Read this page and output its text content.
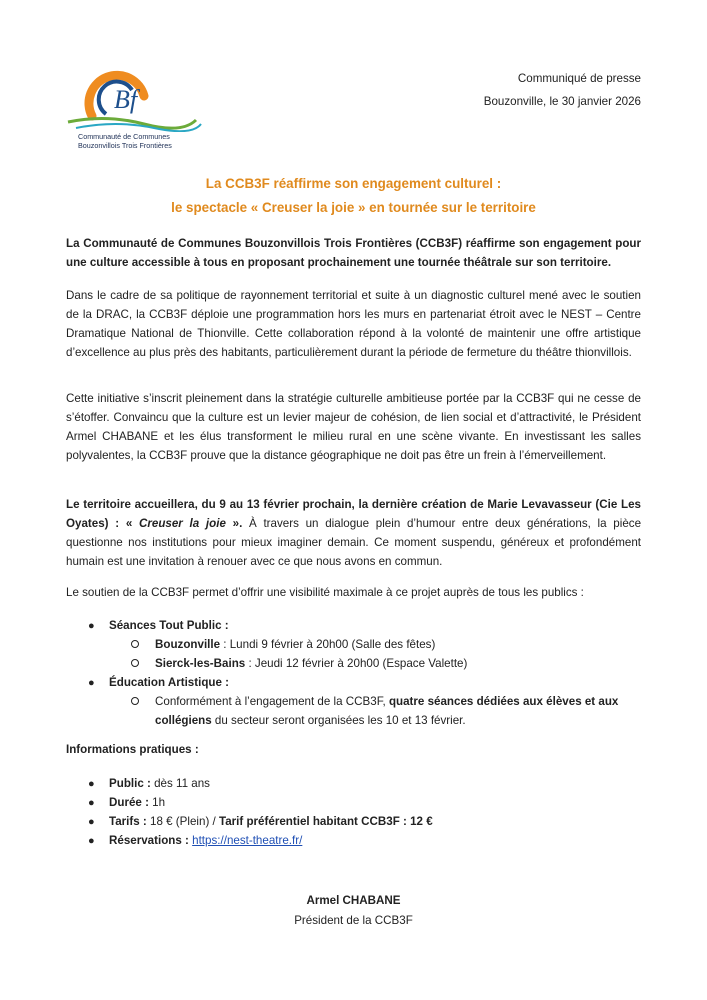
Bf
Communauté de Communes
Bouzonvillois Trois Frontières
Communiqué de presse
Bouzonville, le 30 janvier 2026
La CCB3F réaffirme son engagement culturel :
le spectacle « Creuser la joie » en tournée sur le territoire

La Communauté de Communes Bouzonvillois Trois Frontières (CCB3F) réaffirme son engagement pour une culture accessible à tous en proposant prochainement une tournée théâtrale sur son territoire.

Dans le cadre de sa politique de rayonnement territorial et suite à un diagnostic culturel mené avec le soutien de la DRAC, la CCB3F déploie une programmation hors les murs en partenariat étroit avec le NEST – Centre Dramatique National de Thionville. Cette collaboration répond à la volonté de maintenir une offre artistique d’excellence au plus près des habitants, particulièrement durant la période de fermeture du théâtre thionvillois.

Cette initiative s’inscrit pleinement dans la stratégie culturelle ambitieuse portée par la CCB3F qui ne cesse de s’étoffer. Convaincu que la culture est un levier majeur de cohésion, de lien social et d’attractivité, le Président Armel CHABANE et les élus transforment le milieu rural en une scène vivante. En investissant les salles polyvalentes, la CCB3F prouve que la distance géographique ne doit pas être un frein à l’émerveillement.

Le territoire accueillera, du 9 au 13 février prochain, la dernière création de Marie Levavasseur (Cie Les Oyates) : « Creuser la joie ». À travers un dialogue plein d’humour entre deux générations, la pièce questionne nos institutions pour mieux imaginer demain. Ce moment suspendu, généreux et profondément humain est une invitation à renouer avec ce que nous avons en commun.

Le soutien de la CCB3F permet d’offrir une visibilité maximale à ce projet auprès de tous les publics :

● Séances Tout Public :
Bouzonville : Lundi 9 février à 20h00 (Salle des fêtes)
Sierck-les-Bains : Jeudi 12 février à 20h00 (Espace Valette)
● Éducation Artistique :
Conformément à l’engagement de la CCB3F, quatre séances dédiées aux élèves et aux collégiens du secteur seront organisées les 10 et 13 février.
Informations pratiques :
● Public : dès 11 ans
● Durée : 1h
● Tarifs : 18 € (Plein) / Tarif préférentiel habitant CCB3F : 12 €
● Réservations : https://nest-theatre.fr/
Armel CHABANE
Président de la CCB3F
